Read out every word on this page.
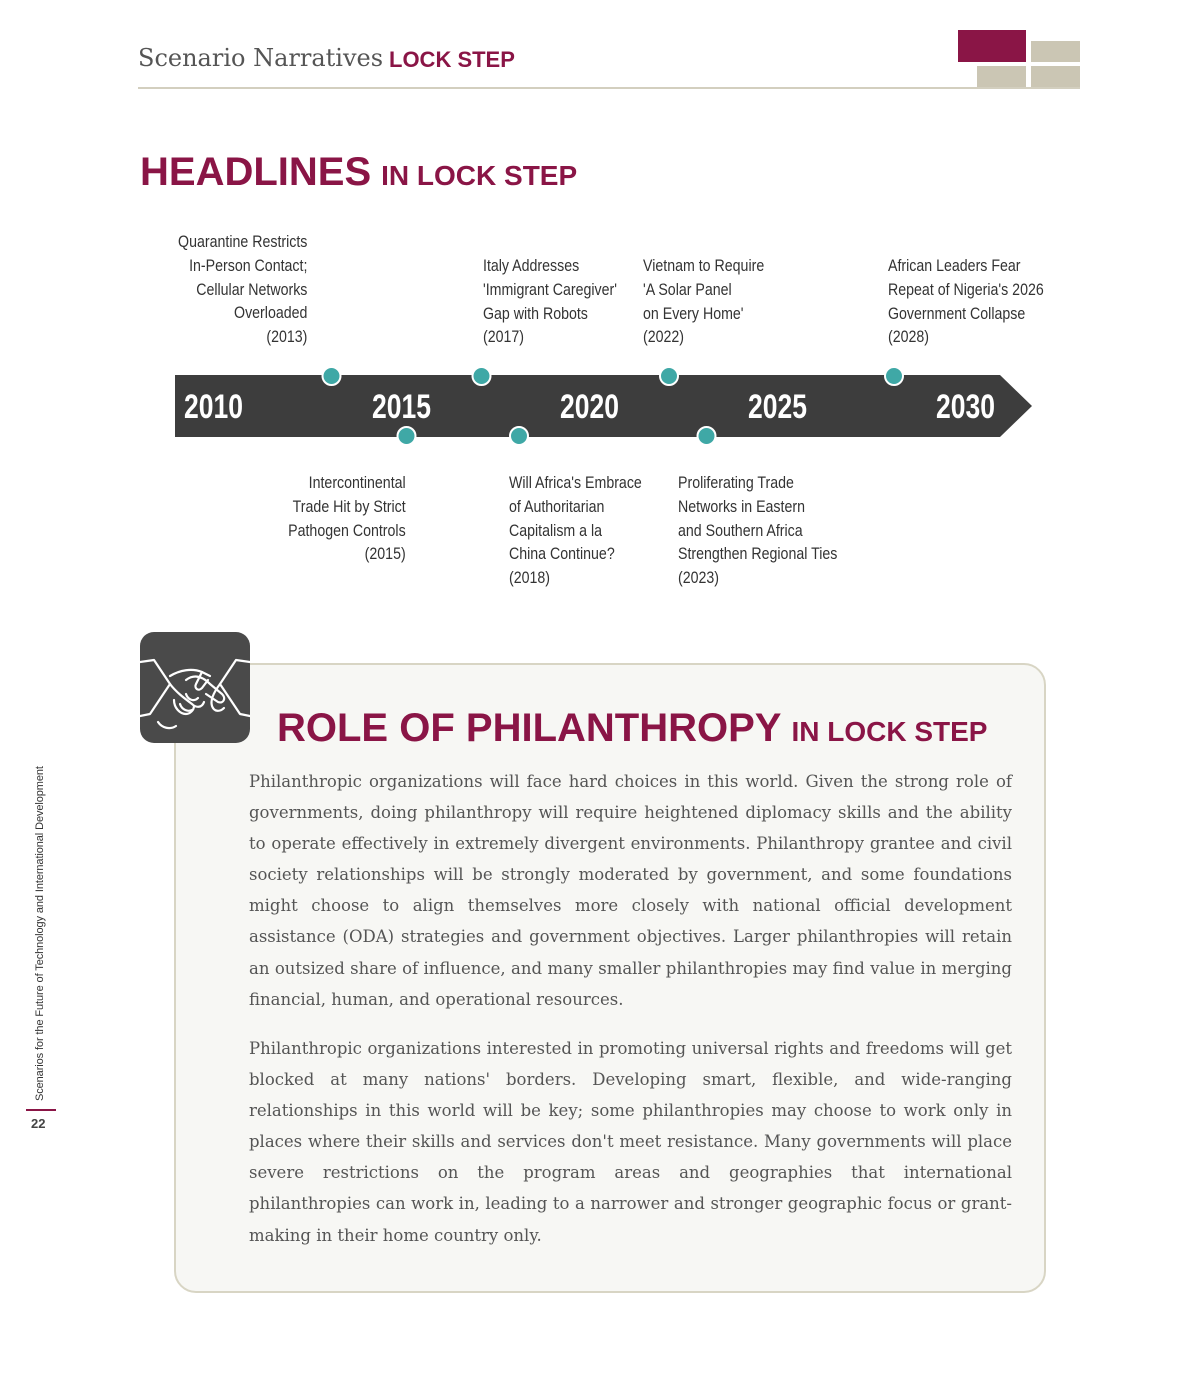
Scenario Narratives LOCK STEP
HEADLINES IN LOCK STEP
2010	2015	2020	2025	2030
Quarantine Restricts
In-Person Contact;
Cellular Networks
Overloaded
(2013)
Italy Addresses
'Immigrant Caregiver'
Gap with Robots
(2017)
Vietnam to Require
'A Solar Panel
on Every Home'
(2022)
African Leaders Fear
Repeat of Nigeria's 2026
Government Collapse
(2028)
Intercontinental
Trade Hit by Strict
Pathogen Controls
(2015)
Will Africa's Embrace
of Authoritarian
Capitalism a la
China Continue?
(2018)
Proliferating Trade
Networks in Eastern
and Southern Africa
Strengthen Regional Ties
(2023)
ROLE OF PHILANTHROPY IN LOCK STEP

Philanthropic organizations will face hard choices in this world. Given the strong role of governments, doing philanthropy will require heightened diplomacy skills and the ability to operate effectively in extremely divergent environments. Philanthropy grantee and civil society relationships will be strongly moderated by government, and some foundations might choose to align themselves more closely with national official development assistance (ODA) strategies and government objectives. Larger philanthropies will retain an outsized share of influence, and many smaller philanthropies may find value in merging financial, human, and operational resources.

Philanthropic organizations interested in promoting universal rights and freedoms will get blocked at many nations' borders. Developing smart, flexible, and wide-ranging relationships in this world will be key; some philanthropies may choose to work only in places where their skills and services don't meet resistance. Many governments will place severe restrictions on the program areas and geographies that international philanthropies can work in, leading to a narrower and stronger geographic focus or grant-making in their home country only.

Scenarios for the Future of Technology and International Development
22
